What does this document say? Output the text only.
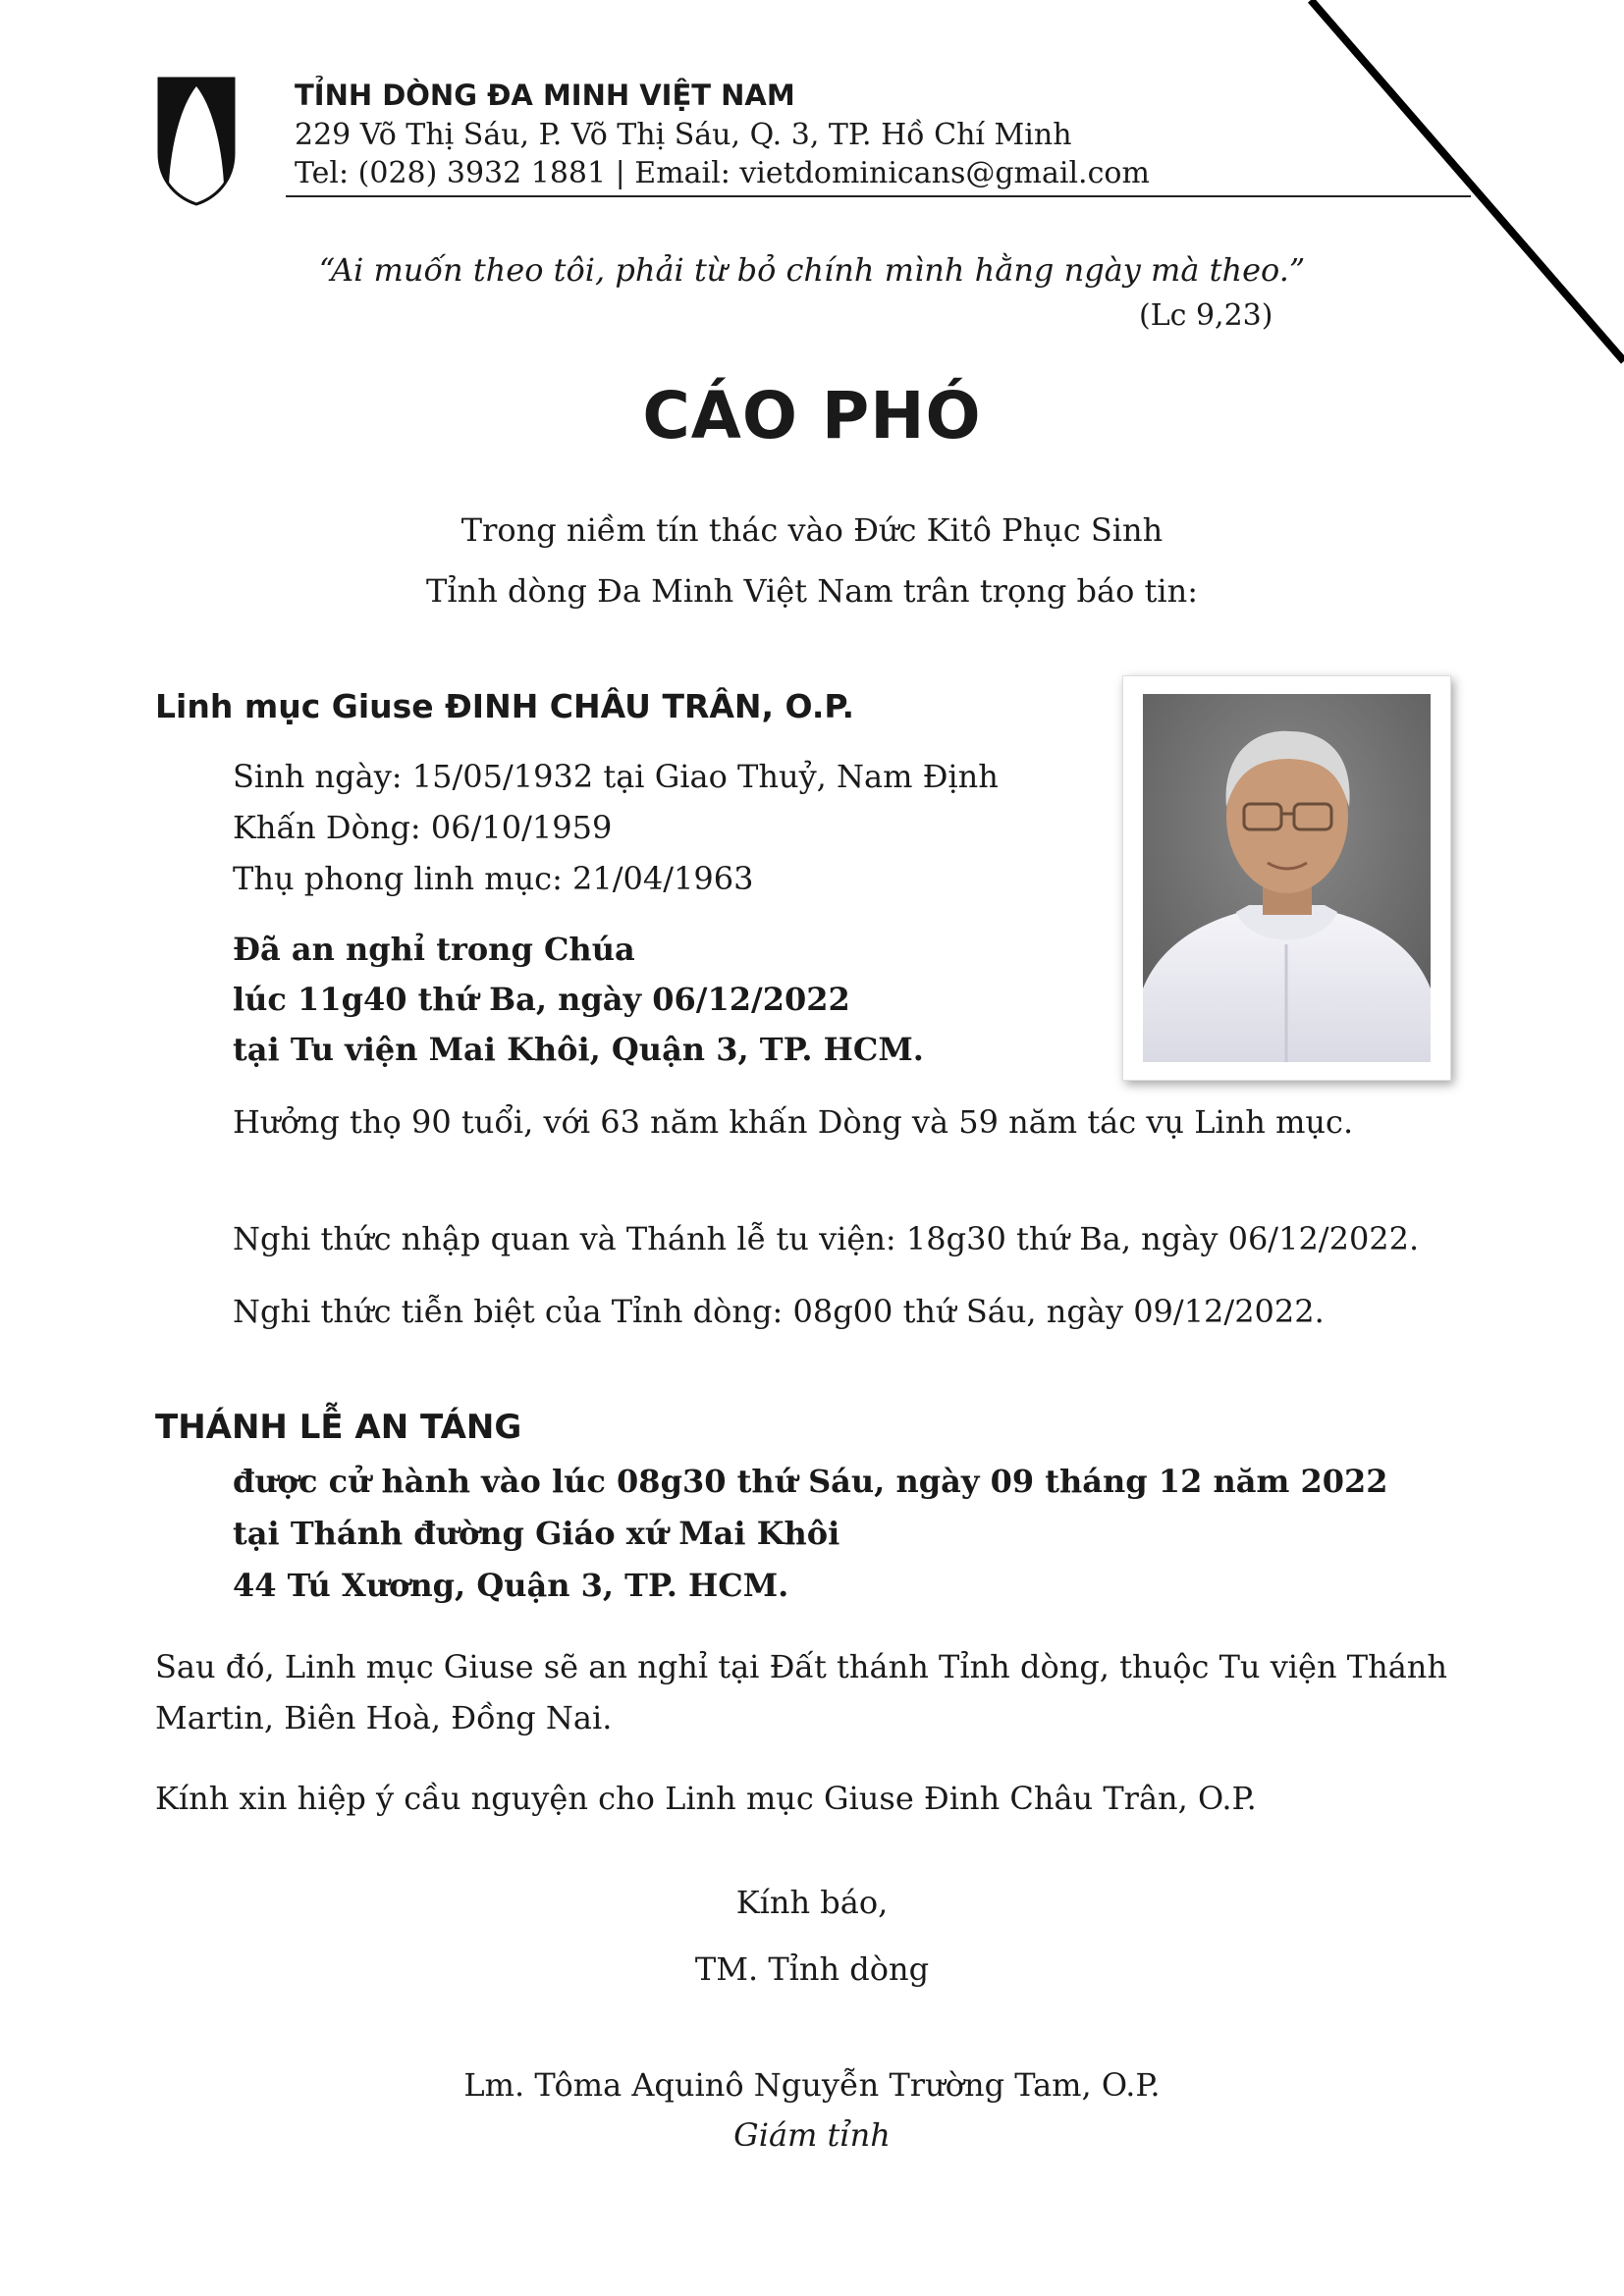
TỈNH DÒNG ĐA MINH VIỆT NAM
229 Võ Thị Sáu, P. Võ Thị Sáu, Q. 3, TP. Hồ Chí Minh
Tel: (028) 3932 1881 | Email: vietdominicans@gmail.com
“Ai muốn theo tôi, phải từ bỏ chính mình hằng ngày mà theo.”
(Lc 9,23)
CÁO PHÓ
Trong niềm tín thác vào Đức Kitô Phục Sinh
Tỉnh dòng Đa Minh Việt Nam trân trọng báo tin:
Linh mục Giuse ĐINH CHÂU TRÂN, O.P.
Sinh ngày: 15/05/1932 tại Giao Thuỷ, Nam Định
Khấn Dòng: 06/10/1959
Thụ phong linh mục: 21/04/1963
Đã an nghỉ trong Chúa
lúc 11g40 thứ Ba, ngày 06/12/2022
tại Tu viện Mai Khôi, Quận 3, TP. HCM.
Hưởng thọ 90 tuổi, với 63 năm khấn Dòng và 59 năm tác vụ Linh mục.
Nghi thức nhập quan và Thánh lễ tu viện: 18g30 thứ Ba, ngày 06/12/2022.
Nghi thức tiễn biệt của Tỉnh dòng: 08g00 thứ Sáu, ngày 09/12/2022.
THÁNH LỄ AN TÁNG
được cử hành vào lúc 08g30 thứ Sáu, ngày 09 tháng 12 năm 2022
tại Thánh đường Giáo xứ Mai Khôi
44 Tú Xương, Quận 3, TP. HCM.
Sau đó, Linh mục Giuse sẽ an nghỉ tại Đất thánh Tỉnh dòng, thuộc Tu viện Thánh Martin, Biên Hoà, Đồng Nai.
Kính xin hiệp ý cầu nguyện cho Linh mục Giuse Đinh Châu Trân, O.P.
Kính báo,
TM. Tỉnh dòng
Lm. Tôma Aquinô Nguyễn Trường Tam, O.P.
Giám tỉnh
